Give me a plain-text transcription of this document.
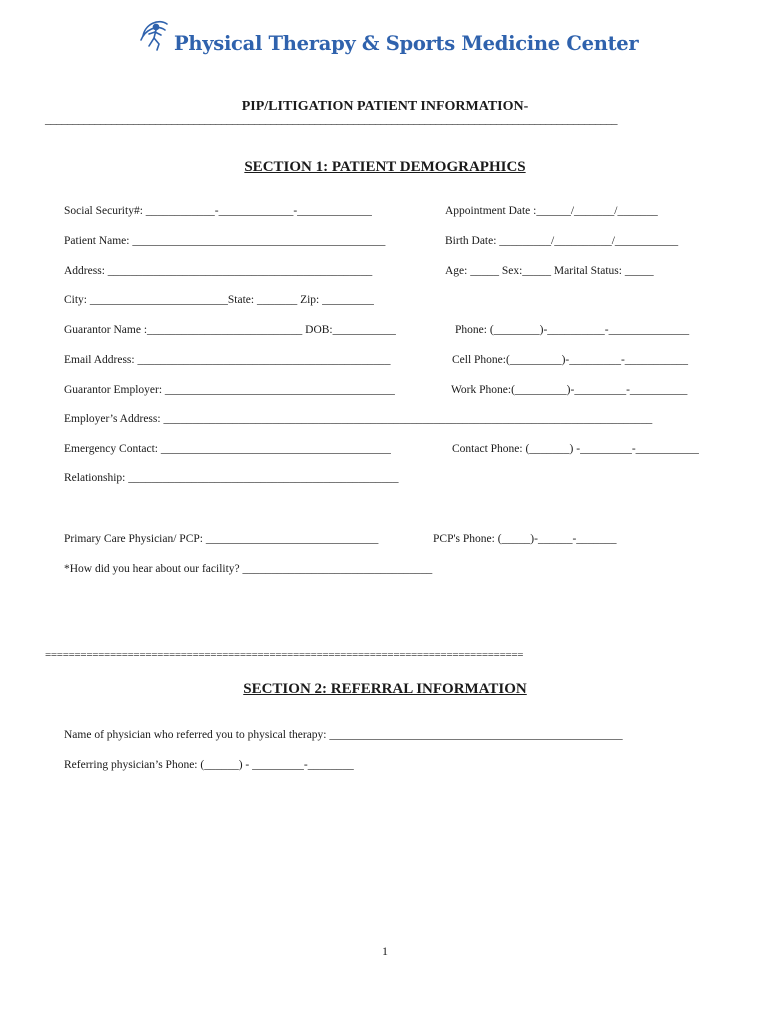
Physical Therapy & Sports Medicine Center
PIP/LITIGATION PATIENT INFORMATION-
________________________________________________________________________________________________________
SECTION 1: PATIENT DEMOGRAPHICS
Social Security#: ____________-_____________-_____________	Appointment Date :______/_______/_______
Patient Name: ____________________________________________	Birth Date: _________/__________/___________
Address: ______________________________________________	Age: _____ Sex:_____ Marital Status: _____
City: ________________________State: _______ Zip: _________
Guarantor Name :___________________________ DOB:___________	Phone: (________)-__________-______________
Email Address: ____________________________________________	Cell Phone:(_________)-_________-___________
Guarantor Employer: ________________________________________	Work Phone:(_________)-_________-__________
Employer’s Address: _____________________________________________________________________________________
Emergency Contact: ________________________________________	Contact Phone: (_______) -_________-___________
Relationship: _______________________________________________
Primary Care Physician/ PCP: ______________________________	PCP's Phone: (_____)-______-_______
*How did you hear about our facility? _________________________________
=================================================================================
SECTION 2: REFERRAL INFORMATION
Name of physician who referred you to physical therapy: ___________________________________________________
Referring physician’s Phone: (______) - _________-________
1
